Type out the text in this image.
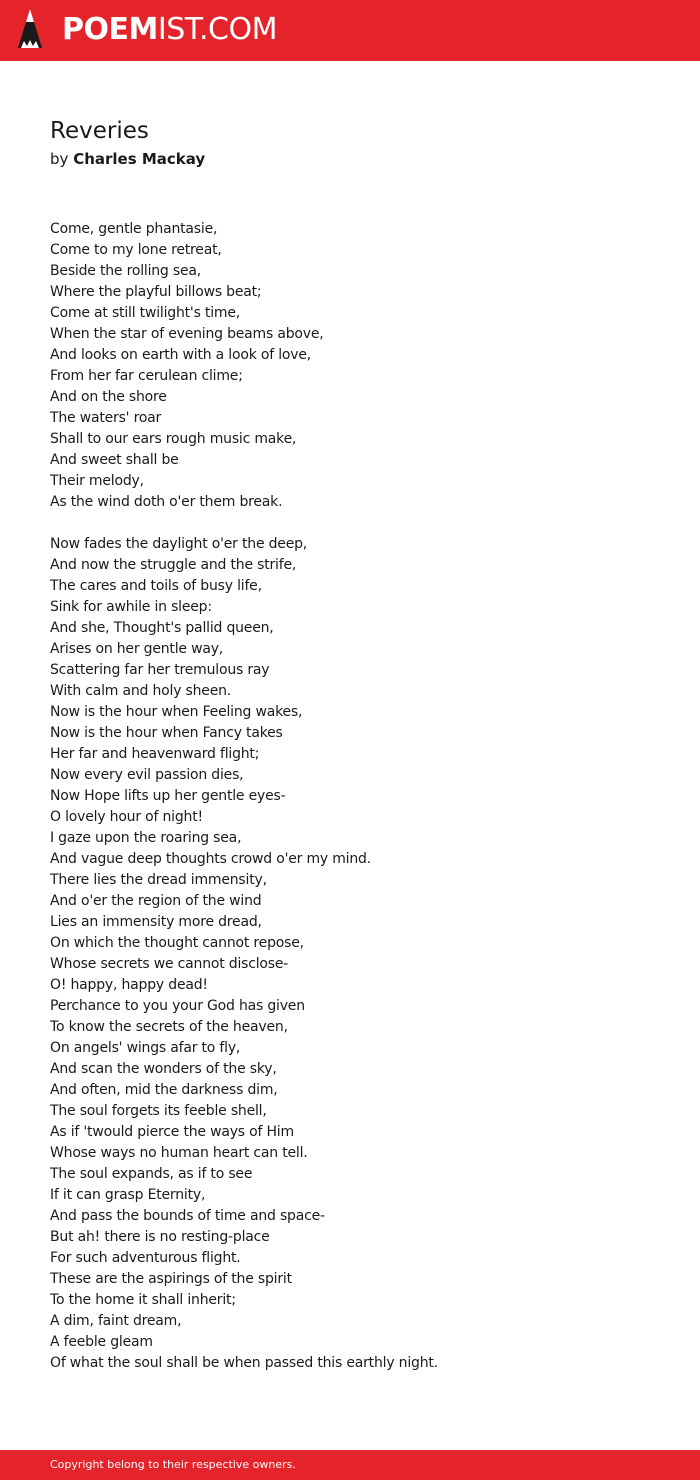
POEMIST.COM
Reveries
by Charles Mackay
Come, gentle phantasie,
Come to my lone retreat,
Beside the rolling sea,
Where the playful billows beat;
Come at still twilight's time,
When the star of evening beams above,
And looks on earth with a look of love,
From her far cerulean clime;
And on the shore
The waters' roar
Shall to our ears rough music make,
And sweet shall be
Their melody,
As the wind doth o'er them break.
Now fades the daylight o'er the deep,
And now the struggle and the strife,
The cares and toils of busy life,
Sink for awhile in sleep:
And she, Thought's pallid queen,
Arises on her gentle way,
Scattering far her tremulous ray
With calm and holy sheen.
Now is the hour when Feeling wakes,
Now is the hour when Fancy takes
Her far and heavenward flight;
Now every evil passion dies,
Now Hope lifts up her gentle eyes-
O lovely hour of night!
I gaze upon the roaring sea,
And vague deep thoughts crowd o'er my mind.
There lies the dread immensity,
And o'er the region of the wind
Lies an immensity more dread,
On which the thought cannot repose,
Whose secrets we cannot disclose-
O! happy, happy dead!
Perchance to you your God has given
To know the secrets of the heaven,
On angels' wings afar to fly,
And scan the wonders of the sky,
And often, mid the darkness dim,
The soul forgets its feeble shell,
As if 'twould pierce the ways of Him
Whose ways no human heart can tell.
The soul expands, as if to see
If it can grasp Eternity,
And pass the bounds of time and space-
But ah! there is no resting-place
For such adventurous flight.
These are the aspirings of the spirit
To the home it shall inherit;
A dim, faint dream,
A feeble gleam
Of what the soul shall be when passed this earthly night.
Copyright belong to their respective owners.
